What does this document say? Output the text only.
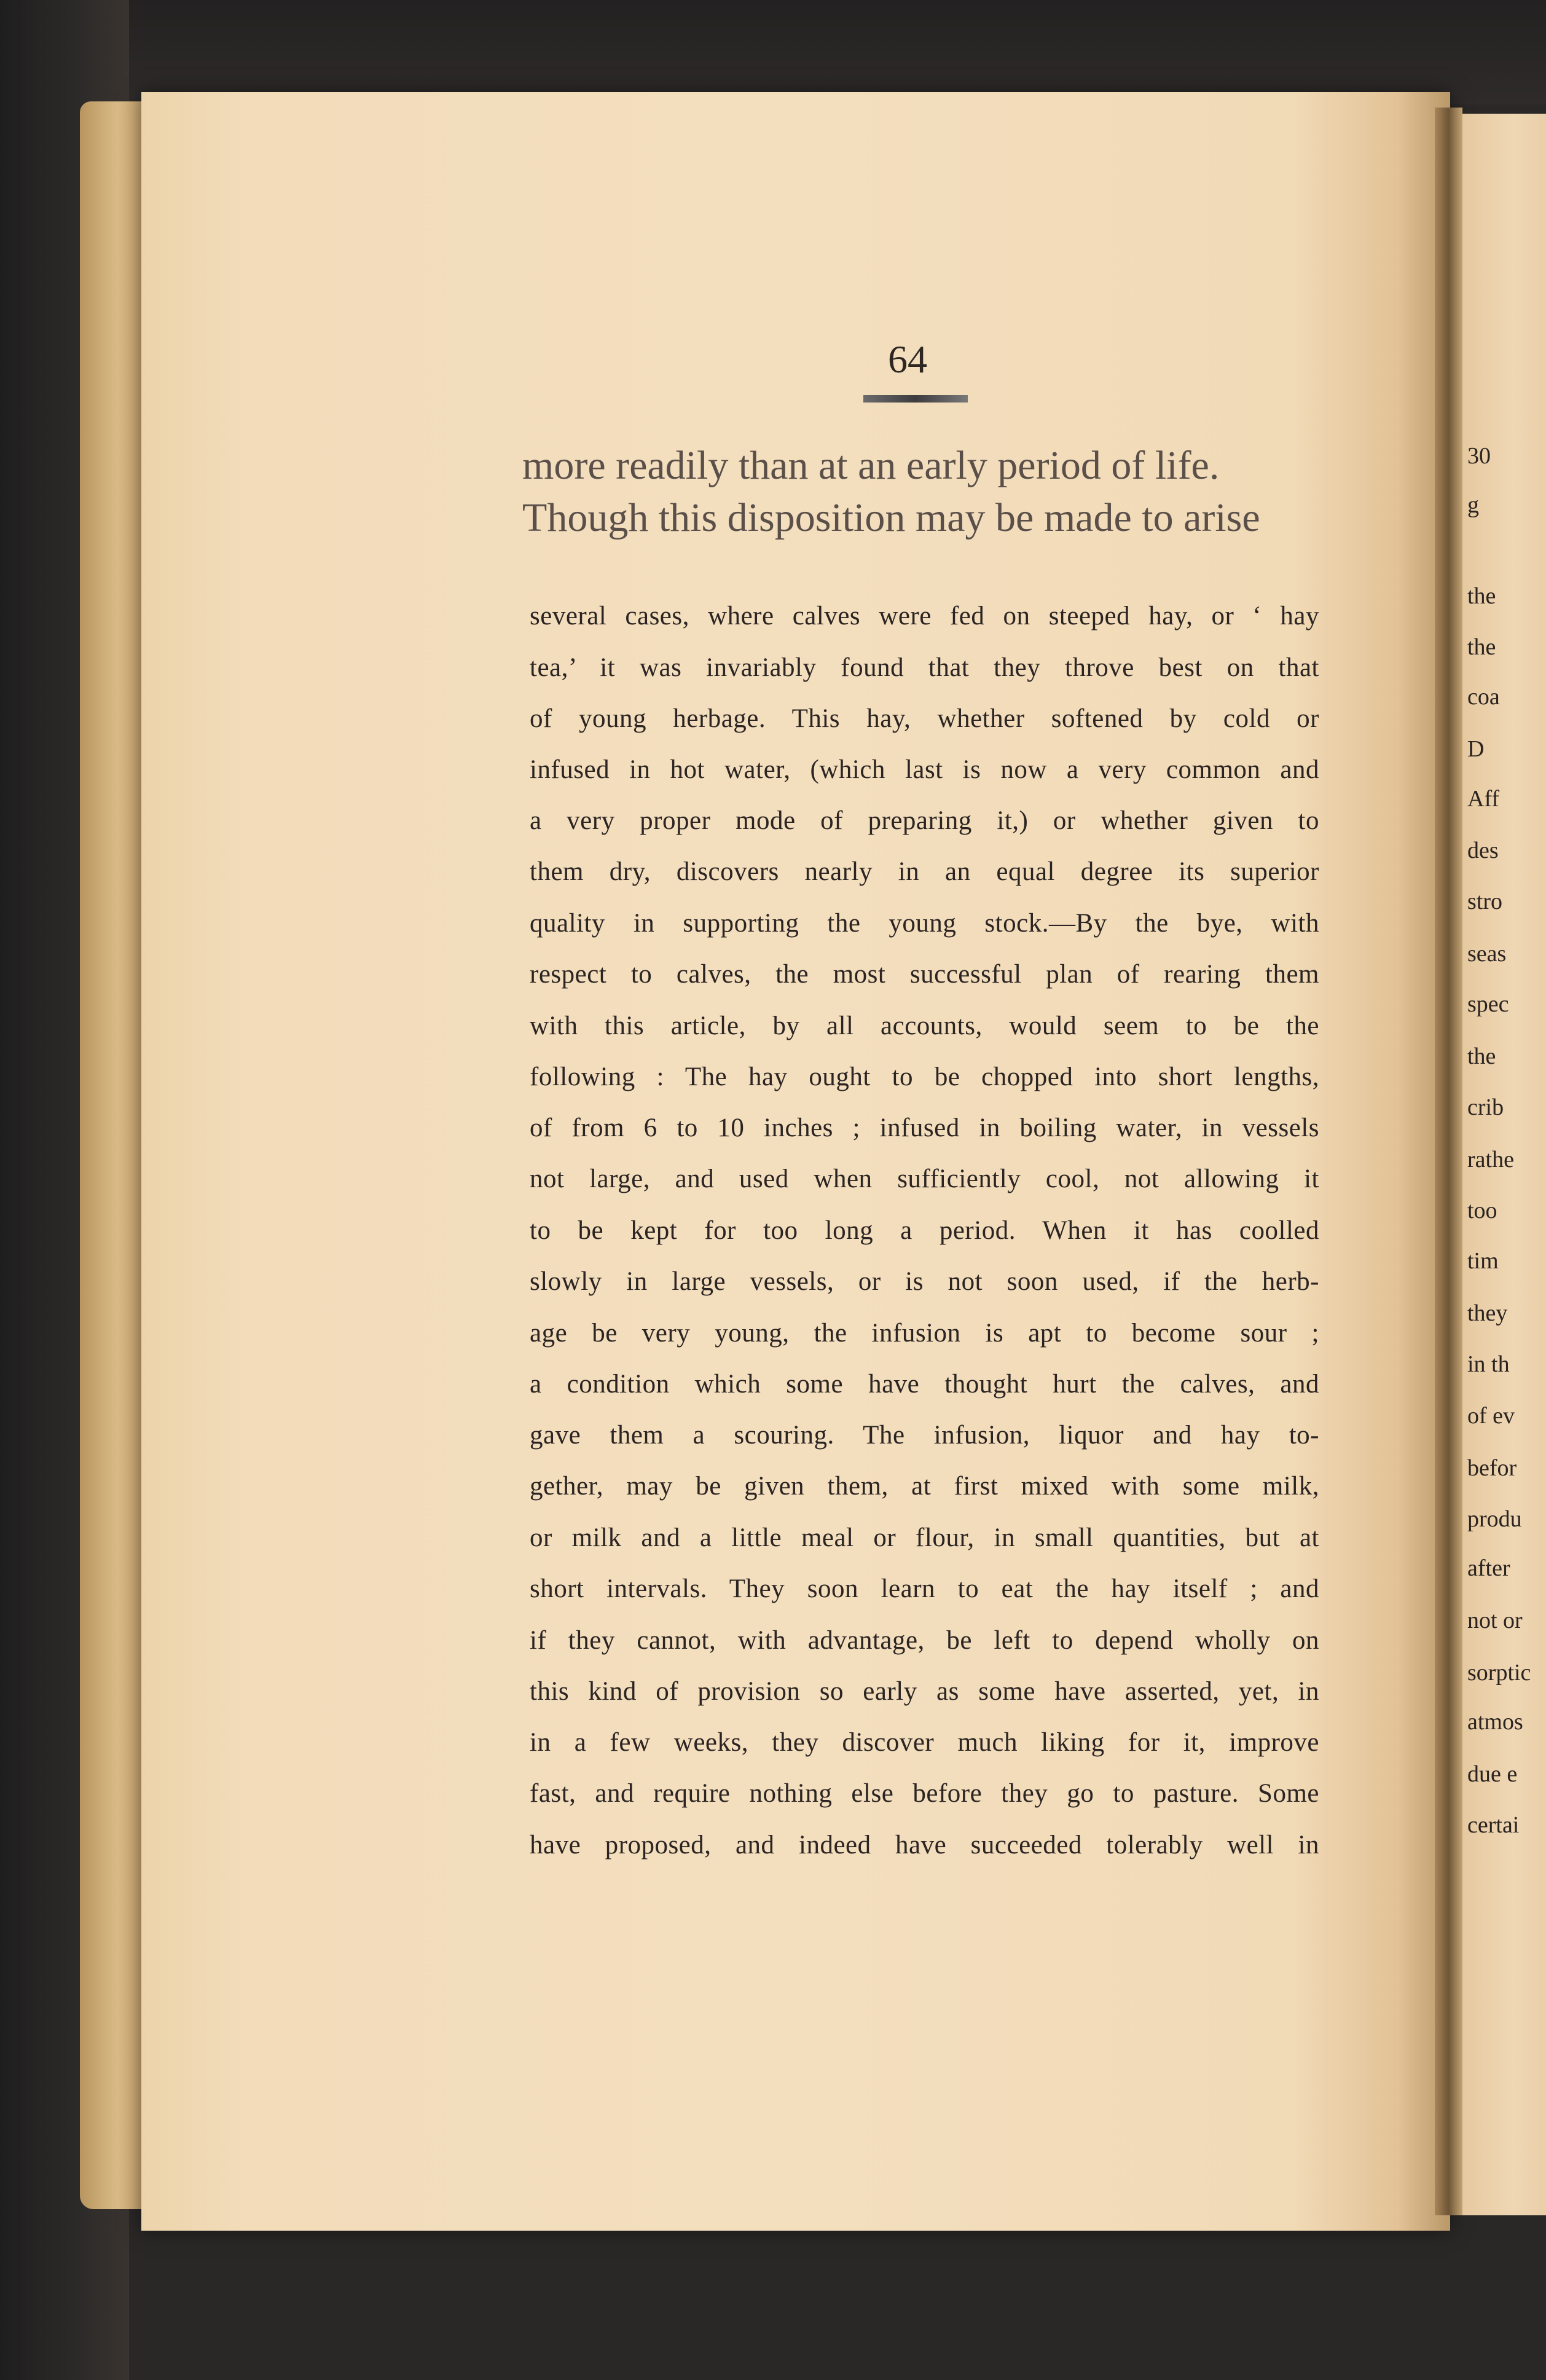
64
more readily than at an early period of life.
Though this disposition may be made to arise
several cases, where calves were fed on steeped hay, or ‘ hay
tea,’ it was invariably found that they throve best on that
of young herbage. This hay, whether softened by cold or
infused in hot water, (which last is now a very common and
a very proper mode of preparing it,) or whether given to
them dry, discovers nearly in an equal degree its superior
quality in supporting the young stock.—By the bye, with
respect to calves, the most successful plan of rearing them
with this article, by all accounts, would seem to be the
following : The hay ought to be chopped into short lengths,
of from 6 to 10 inches ; infused in boiling water, in vessels
not large, and used when sufficiently cool, not allowing it
to be kept for too long a period. When it has coolled
slowly in large vessels, or is not soon used, if the herb-
age be very young, the infusion is apt to become sour ;
a condition which some have thought hurt the calves, and
gave them a scouring. The infusion, liquor and hay to-
gether, may be given them, at first mixed with some milk,
or milk and a little meal or flour, in small quantities, but at
short intervals. They soon learn to eat the hay itself ; and
if they cannot, with advantage, be left to depend wholly on
this kind of provision so early as some have asserted, yet, in
in a few weeks, they discover much liking for it, improve
fast, and require nothing else before they go to pasture. Some
have proposed, and indeed have succeeded tolerably well in
30
g
the
the
coa
D
Aff
des
stro
seas
spec
the
crib
rathe
too
tim
they
in th
of ev
befor
produ
after
not or
sorptic
atmos
due e
certai
